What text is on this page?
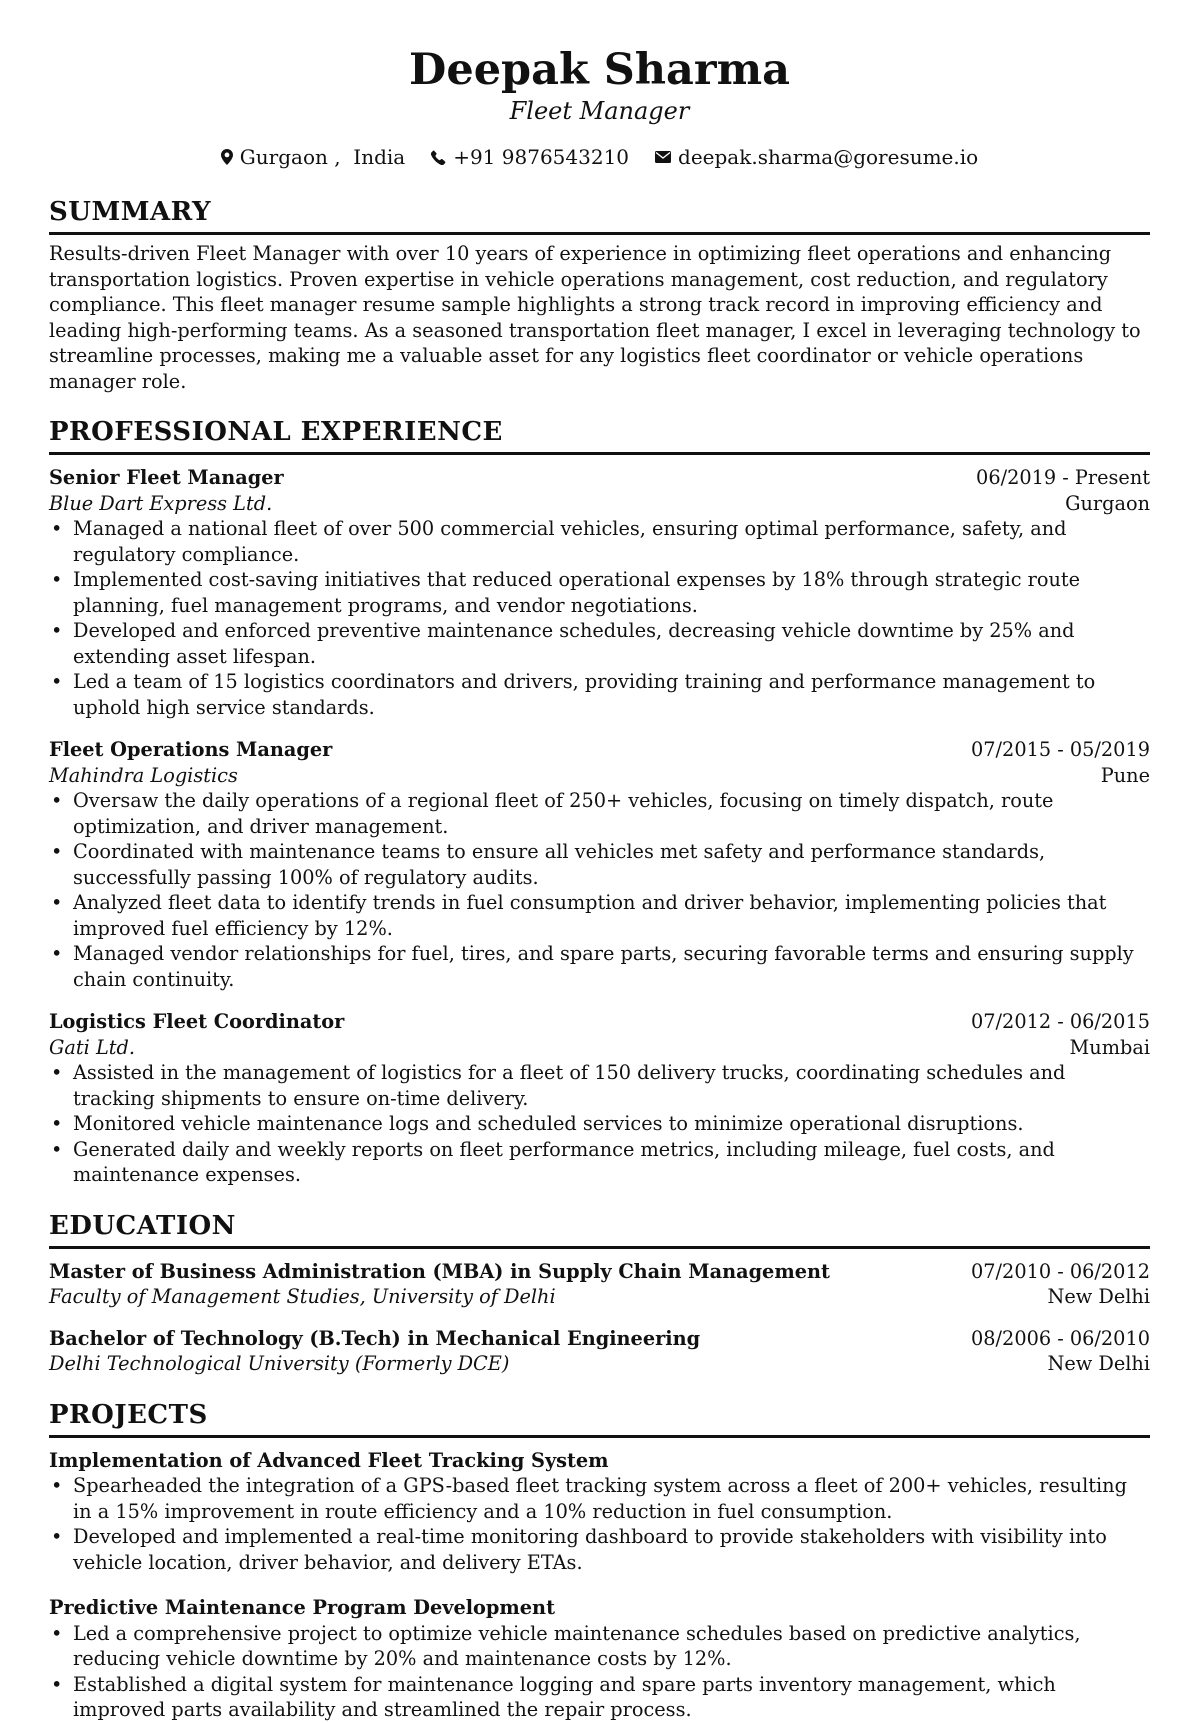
Deepak Sharma
Fleet Manager
Gurgaon ,  India +91 9876543210 deepak.sharma@goresume.io
SUMMARY

Results-driven Fleet Manager with over 10 years of experience in optimizing fleet operations and enhancing transportation logistics. Proven expertise in vehicle operations management, cost reduction, and regulatory compliance. This fleet manager resume sample highlights a strong track record in improving efficiency and leading high-performing teams. As a seasoned transportation fleet manager, I excel in leveraging technology to streamline processes, making me a valuable asset for any logistics fleet coordinator or vehicle operations manager role.

PROFESSIONAL EXPERIENCE
Senior Fleet Manager	06/2019 - Present
Blue Dart Express Ltd.	Gurgaon
• Managed a national fleet of over 500 commercial vehicles, ensuring optimal performance, safety, and regulatory compliance.
• Implemented cost-saving initiatives that reduced operational expenses by 18% through strategic route planning, fuel management programs, and vendor negotiations.
• Developed and enforced preventive maintenance schedules, decreasing vehicle downtime by 25% and extending asset lifespan.
• Led a team of 15 logistics coordinators and drivers, providing training and performance management to uphold high service standards.
Fleet Operations Manager	07/2015 - 05/2019
Mahindra Logistics	Pune
• Oversaw the daily operations of a regional fleet of 250+ vehicles, focusing on timely dispatch, route optimization, and driver management.
• Coordinated with maintenance teams to ensure all vehicles met safety and performance standards, successfully passing 100% of regulatory audits.
• Analyzed fleet data to identify trends in fuel consumption and driver behavior, implementing policies that improved fuel efficiency by 12%.
• Managed vendor relationships for fuel, tires, and spare parts, securing favorable terms and ensuring supply chain continuity.
Logistics Fleet Coordinator	07/2012 - 06/2015
Gati Ltd.	Mumbai
• Assisted in the management of logistics for a fleet of 150 delivery trucks, coordinating schedules and tracking shipments to ensure on-time delivery.
• Monitored vehicle maintenance logs and scheduled services to minimize operational disruptions.
• Generated daily and weekly reports on fleet performance metrics, including mileage, fuel costs, and maintenance expenses.
EDUCATION
Master of Business Administration (MBA) in Supply Chain Management	07/2010 - 06/2012
Faculty of Management Studies, University of Delhi	New Delhi
Bachelor of Technology (B.Tech) in Mechanical Engineering	08/2006 - 06/2010
Delhi Technological University (Formerly DCE)	New Delhi
PROJECTS
Implementation of Advanced Fleet Tracking System
• Spearheaded the integration of a GPS-based fleet tracking system across a fleet of 200+ vehicles, resulting in a 15% improvement in route efficiency and a 10% reduction in fuel consumption.
• Developed and implemented a real-time monitoring dashboard to provide stakeholders with visibility into vehicle location, driver behavior, and delivery ETAs.
Predictive Maintenance Program Development
• Led a comprehensive project to optimize vehicle maintenance schedules based on predictive analytics, reducing vehicle downtime by 20% and maintenance costs by 12%.
• Established a digital system for maintenance logging and spare parts inventory management, which improved parts availability and streamlined the repair process.
